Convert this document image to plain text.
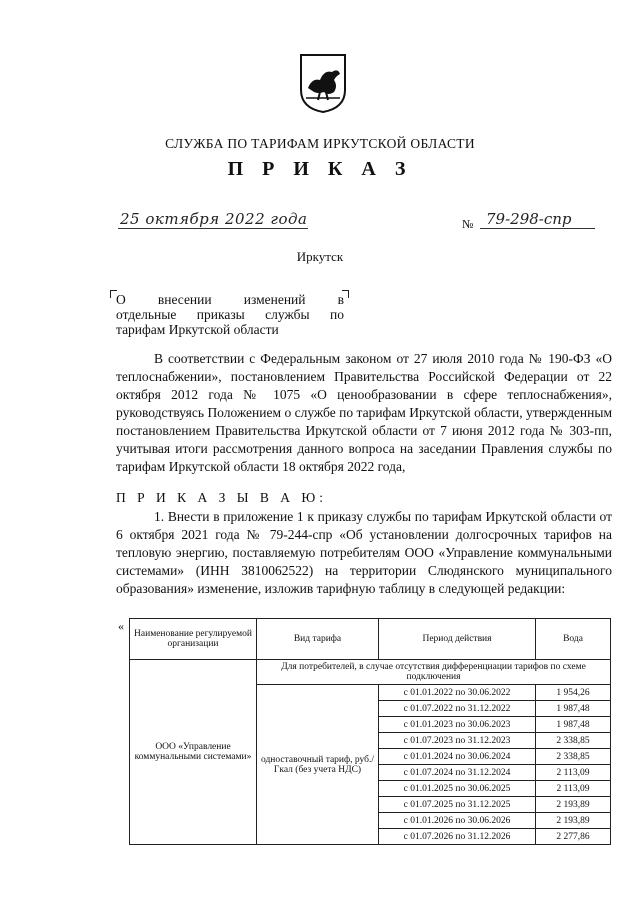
СЛУЖБА ПО ТАРИФАМ ИРКУТСКОЙ ОБЛАСТИ
П Р И К А З
25 октября 2022 года	№ 79-298-спр
Иркутск
О внесении изменений в
отдельные приказы службы по
тарифам Иркутской области

В соответствии с Федеральным законом от 27 июля 2010 года № 190-ФЗ «О теплоснабжении», постановлением Правительства Российской Федерации от 22 октября 2012 года № 1075 «О ценообразовании в сфере теплоснабжения», руководствуясь Положением о службе по тарифам Иркутской области, утвержденным постановлением Правительства Иркутской области от 7 июня 2012 года № 303-пп, учитывая итоги рассмотрения данного вопроса на заседании Правления службы по тарифам Иркутской области 18 октября 2022 года,

П Р И К А З Ы В А Ю:

1. Внести в приложение 1 к приказу службы по тарифам Иркутской области от 6 октября 2021 года № 79-244-спр «Об установлении долгосрочных тарифов на тепловую энергию, поставляемую потребителям ООО «Управление коммунальными системами» (ИНН 3810062522) на территории Слюдянского муниципального образования» изменение, изложив тарифную таблицу в следующей редакции:

«
Наименование регулируемой организации	Вид тарифа	Период действия	Вода
ООО «Управление коммунальными системами»	Для потребителей, в случае отсутствия дифференциации тарифов по схеме подключения		
	одноставочный тариф, руб./Гкал (без учета НДС)	с 01.01.2022 по 30.06.2022	1 954,26
		с 01.07.2022 по 31.12.2022	1 987,48
		с 01.01.2023 по 30.06.2023	1 987,48
		с 01.07.2023 по 31.12.2023	2 338,85
		с 01.01.2024 по 30.06.2024	2 338,85
		с 01.07.2024 по 31.12.2024	2 113,09
		с 01.01.2025 по 30.06.2025	2 113,09
		с 01.07.2025 по 31.12.2025	2 193,89
		с 01.01.2026 по 30.06.2026	2 193,89
		с 01.07.2026 по 31.12.2026	2 277,86
